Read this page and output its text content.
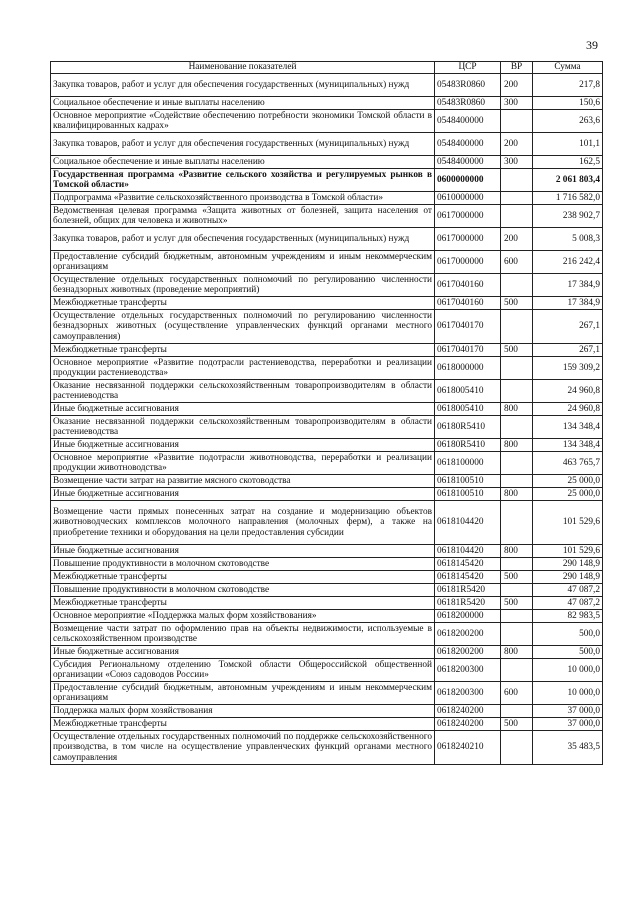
39
Наименование показателей	ЦСР	ВР	Сумма
Закупка товаров, работ и услуг для обеспечения государственных (муниципальных) нужд	05483R0860	200	217,8
Социальное обеспечение и иные выплаты населению	05483R0860	300	150,6
Основное мероприятие «Содействие обеспечению потребности экономики Томской области в квалифицированных кадрах»	0548400000		263,6
Закупка товаров, работ и услуг для обеспечения государственных (муниципальных) нужд	0548400000	200	101,1
Социальное обеспечение и иные выплаты населению	0548400000	300	162,5
Государственная программа «Развитие сельского хозяйства и регулируемых рынков в Томской области»	0600000000		2 061 803,4
Подпрограмма «Развитие сельскохозяйственного производства в Томской области»	0610000000		1 716 582,0
Ведомственная целевая программа «Защита животных от болезней, защита населения от болезней, общих для человека и животных»	0617000000		238 902,7
Закупка товаров, работ и услуг для обеспечения государственных (муниципальных) нужд	0617000000	200	5 008,3
Предоставление субсидий бюджетным, автономным учреждениям и иным некоммерческим организациям	0617000000	600	216 242,4
Осуществление отдельных государственных полномочий по регулированию численности безнадзорных животных (проведение мероприятий)	0617040160		17 384,9
Межбюджетные трансферты	0617040160	500	17 384,9
Осуществление отдельных государственных полномочий по регулированию численности безнадзорных животных (осуществление управленческих функций органами местного самоуправления)	0617040170		267,1
Межбюджетные трансферты	0617040170	500	267,1
Основное мероприятие «Развитие подотрасли растениеводства, переработки и реализации продукции растениеводства»	0618000000		159 309,2
Оказание несвязанной поддержки сельскохозяйственным товаропроизводителям в области растениеводства	0618005410		24 960,8
Иные бюджетные ассигнования	0618005410	800	24 960,8
Оказание несвязанной поддержки сельскохозяйственным товаропроизводителям в области растениеводства	06180R5410		134 348,4
Иные бюджетные ассигнования	06180R5410	800	134 348,4
Основное мероприятие «Развитие подотрасли животноводства, переработки и реализации продукции животноводства»	0618100000		463 765,7
Возмещение части затрат на развитие мясного скотоводства	0618100510		25 000,0
Иные бюджетные ассигнования	0618100510	800	25 000,0
Возмещение части прямых понесенных затрат на создание и модернизацию объектов животноводческих комплексов молочного направления (молочных ферм), а также на приобретение техники и оборудования на цели предоставления субсидии	0618104420		101 529,6
Иные бюджетные ассигнования	0618104420	800	101 529,6
Повышение продуктивности в молочном скотоводстве	0618145420		290 148,9
Межбюджетные трансферты	0618145420	500	290 148,9
Повышение продуктивности в молочном скотоводстве	06181R5420		47 087,2
Межбюджетные трансферты	06181R5420	500	47 087,2
Основное мероприятие «Поддержка малых форм хозяйствования»	0618200000		82 983,5
Возмещение части затрат по оформлению прав на объекты недвижимости, используемые в сельскохозяйственном производстве	0618200200		500,0
Иные бюджетные ассигнования	0618200200	800	500,0
Субсидия Региональному отделению Томской области Общероссийской общественной организации «Союз садоводов России»	0618200300		10 000,0
Предоставление субсидий бюджетным, автономным учреждениям и иным некоммерческим организациям	0618200300	600	10 000,0
Поддержка малых форм хозяйствования	0618240200		37 000,0
Межбюджетные трансферты	0618240200	500	37 000,0
Осуществление отдельных государственных полномочий по поддержке сельскохозяйственного производства, в том числе на осуществление управленческих функций органами местного самоуправления	0618240210		35 483,5
